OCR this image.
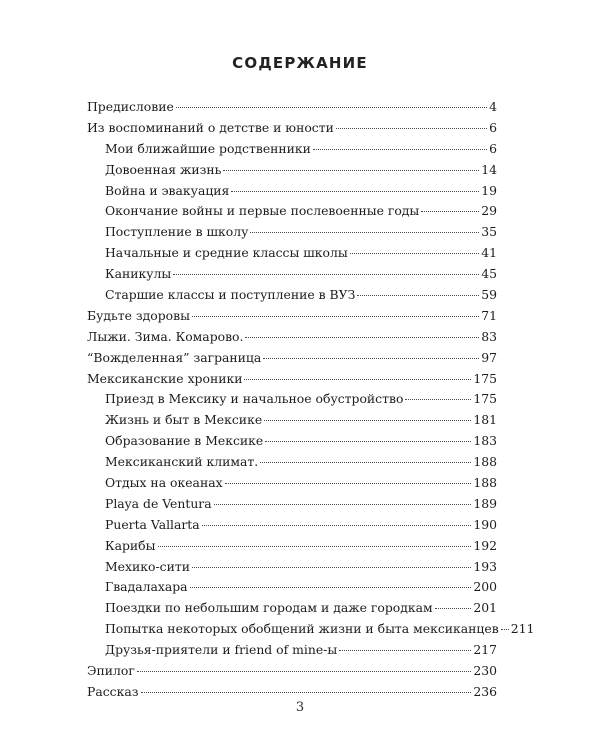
СОДЕРЖАНИЕ
Предисловие	4
Из воспоминаний о детстве и юности	6
Мои ближайшие родственники	6
Довоенная жизнь	14
Война и эвакуация	19
Окончание войны и первые послевоенные годы	29
Поступление в школу	35
Начальные и средние классы школы	41
Каникулы	45
Старшие классы и поступление в ВУЗ	59
Будьте здоровы	71
Лыжи. Зима. Комарово.	83
“Вожделенная” заграница	97
Мексиканские хроники	175
Приезд в Мексику и начальное обустройство	175
Жизнь и быт в Мексике	181
Образование в Мексике	183
Мексиканский климат.	188
Отдых на океанах	188
Playa de Ventura	189
Puerta Vallarta	190
Карибы	192
Мехико-сити	193
Гвадалахара	200
Поездки по небольшим городам и даже городкам	201
Попытка некоторых обобщений жизни и быта мексиканцев 211
Друзья-приятели и friend of mine-ы	217
Эпилог	230
Рассказ	236
3
